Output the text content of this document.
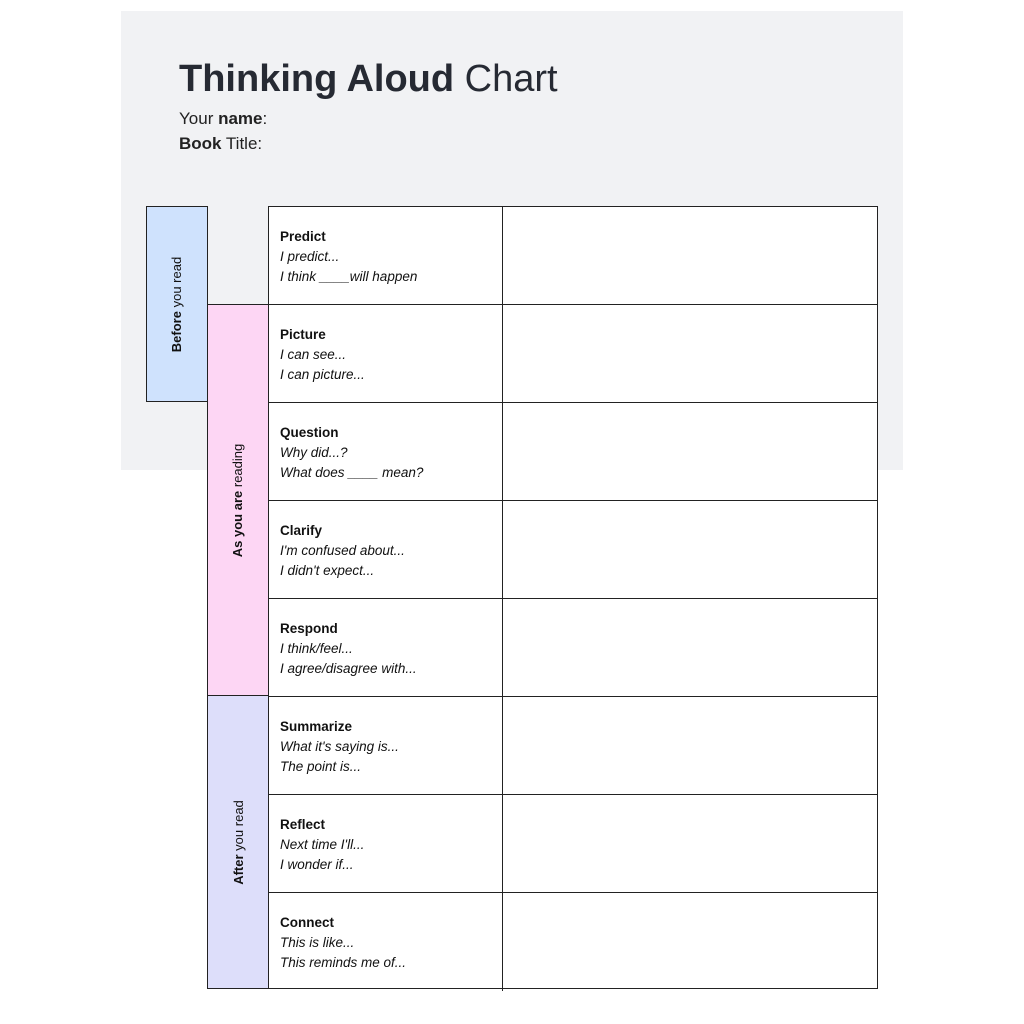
Thinking Aloud Chart
Your name:
Book Title:
Before you read
As you are reading
After you read
Predict
I predict...
I think ____will happen
Picture
I can see...
I can picture...
Question
Why did...?
What does ____ mean?
Clarify
I'm confused about...
I didn't expect...
Respond
I think/feel...
I agree/disagree with...
Summarize
What it's saying is...
The point is...
Reflect
Next time I'll...
I wonder if...
Connect
This is like...
This reminds me of...
